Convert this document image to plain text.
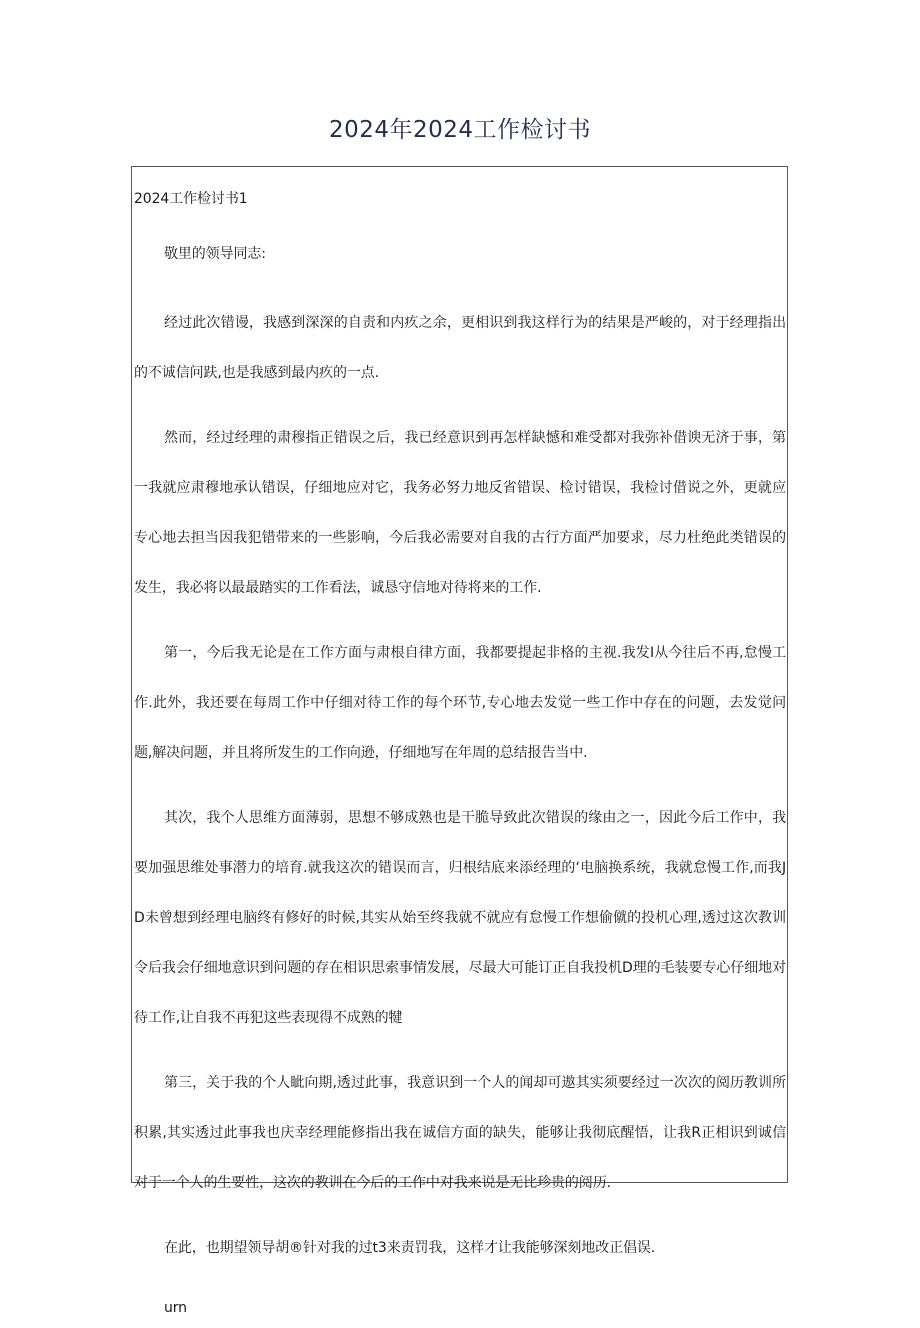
2024年2024工作检讨书

2024工作检讨书1

敬里的领导同志:

经过此次错谩，我感到深深的自责和内疚之余，更相识到我这样行为的结果是严峻的，对于经理指出的不诚信问趺,也是我感到最内疚的一点.

然而，经过经理的肃穆指正错误之后，我已经意识到再怎样缺憾和难受都对我弥补借谀无济于事，第一我就应肃穆地承认错误，仔细地应对它，我务必努力地反省错误、检讨错误，我检讨借说之外，更就应专心地去担当因我犯错带来的一些影响，今后我必需要对自我的古行方面严加要求，尽力杜绝此类错误的发生，我必将以最最踏实的工作看法，诚恳守信地对待将来的工作.

第一，今后我无论是在工作方面与肃根自律方面，我都要提起非格的主视.我发I从今往后不再,怠慢工作.此外，我还要在每周工作中仔细对待工作的每个环节,专心地去发觉一些工作中存在的问题，去发觉问题,解决问题，并且将所发生的工作向逊，仔细地写在年周的总结报告当中.

其次，我个人思维方面薄弱，思想不够成熟也是干脆导致此次错误的缘由之一，因此今后工作中，我要加强思维处事潜力的培育.就我这次的错误而言，归根结底来添经理的‘电脑换系统，我就怠慢工作,而我JD未曾想到经理电脑终有修好的时候,其实从始至终我就不就应有怠慢工作想偷僦的投机心理,透过这次教训令后我会仔细地意识到问题的存在相识思索事情发展，尽最大可能订正自我投机D理的毛装要专心仔细地对待工作,让自我不再犯这些表现得不成熟的犍

第三，关于我的个人眦向期,透过此事，我意识到一个人的闻却可遨其实须要经过一次次的阅历教训所积累,其实透过此事我也庆幸经理能修指出我在诚信方面的缺失，能够让我彻底醒悟，让我R正相识到诚信对于一个人的生要性，这次的教训在今后的工作中对我来说是无比珍贵的阅历.

在此，也期望领导胡®针对我的过t3来责罚我，这样才让我能够深刻地改正倡误.

urn
